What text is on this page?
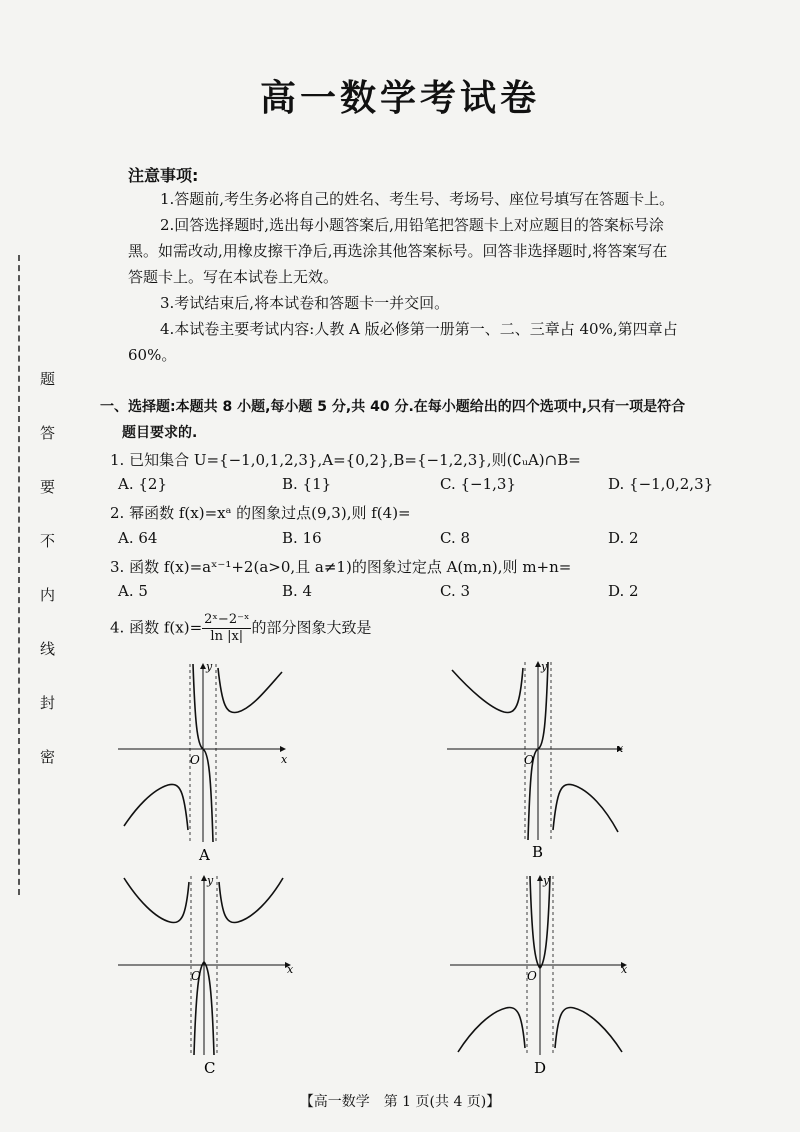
题
答
要
不
内
线
封
密
高一数学考试卷
注意事项:
1.答题前,考生务必将自己的姓名、考生号、考场号、座位号填写在答题卡上。
2.回答选择题时,选出每小题答案后,用铅笔把答题卡上对应题目的答案标号涂
黑。如需改动,用橡皮擦干净后,再选涂其他答案标号。回答非选择题时,将答案写在
答题卡上。写在本试卷上无效。
3.考试结束后,将本试卷和答题卡一并交回。
4.本试卷主要考试内容:人教 A 版必修第一册第一、二、三章占 40%,第四章占
60%。
一、选择题:本题共 8 小题,每小题 5 分,共 40 分.在每小题给出的四个选项中,只有一项是符合
题目要求的.
1. 已知集合 U={−1,0,1,2,3},A={0,2},B={−1,2,3},则(∁ᵤA)∩B=
A. {2}	B. {1}	C. {−1,3}	D. {−1,0,2,3}
2. 幂函数 f(x)=xᵃ 的图象过点(9,3),则 f(4)=
A. 64	B. 16	C. 8	D. 2
3. 函数 f(x)=aˣ⁻¹+2(a>0,且 a≠1)的图象过定点 A(m,n),则 m+n=
A. 5	B. 4	C. 3	D. 2
4. 函数 $f(x)= \frac{\text{2ˣ−2⁻ˣ}}{\ln |x|}$ 的部分图象大致是
O	x
y
A
O
x
y
B
O	x
y
C
O	x
y
D
【高一数学　第 1 页(共 4 页)】
